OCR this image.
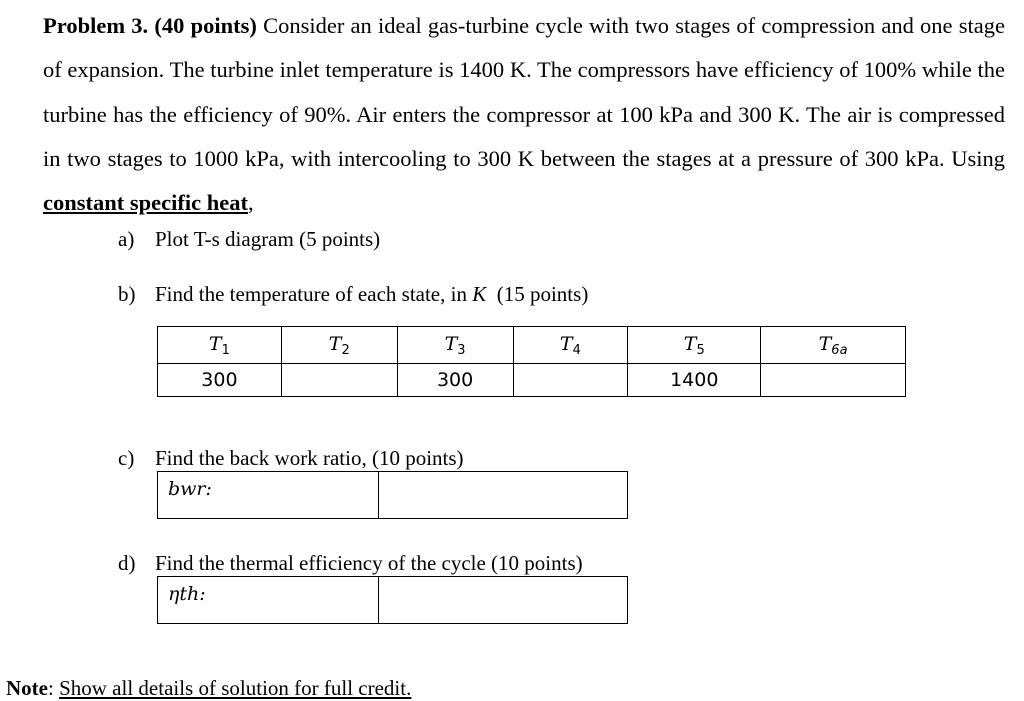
Problem 3. (40 points) Consider an ideal gas-turbine cycle with two stages of compression and one stage of expansion. The turbine inlet temperature is 1400 K. The compressors have efficiency of 100% while the turbine has the efficiency of 90%. Air enters the compressor at 100 kPa and 300 K. The air is compressed in two stages to 1000 kPa, with intercooling to 300 K between the stages at a pressure of 300 kPa. Using constant specific heat,
a) Plot T-s diagram (5 points)
b) Find the temperature of each state, in K  (15 points)
$T_1$	$T_2$	$T_3$	$T_4$	$T_5$	$T_{6a}$
300		300		1400	
c) Find the back work ratio, (10 points)
bwr:
d) Find the thermal efficiency of the cycle (10 points)
ηth:
Note: Show all details of solution for full credit.
